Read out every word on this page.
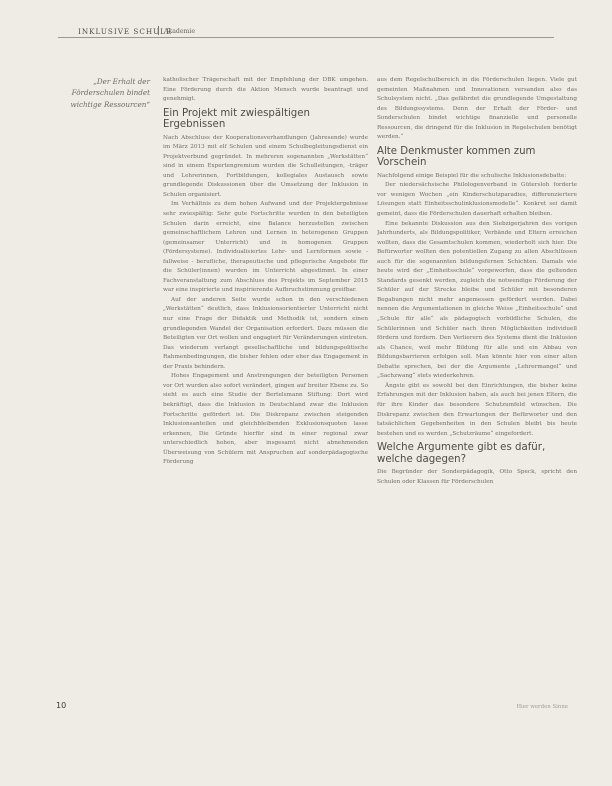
INKLUSIVE SCHULE
Akademie
„Der Erhalt der Förderschulen bindet wichtige Ressourcen“

katholischer Trägerschaft mit der Empfehlung der DBK umgehen. Eine Förderung durch die Aktion Mensch wurde beantragt und genehmigt.

Ein Projekt mit zwiespältigen Ergebnissen

Nach Abschluss der Kooperationsverhandlungen (Jahresende) wurde im März 2013 mit elf Schulen und einem Schulbegleitungsdienst ein Projektverbund gegründet. In mehreren sogenannten „Werkstätten“ sind in einem Expertengremium wurden die Schulleitungen, -träger und Lehrerinnen, Fortbildungen, kollegiales Austausch sowie grundlegende Diskussionen über die Umsetzung der Inklusion in Schulen organisiert.

Im Verhältnis zu dem hohen Aufwand und der Projektergebnisse sehr zwiespältig: Sehr gute Fortschritte wurden in den beteiligten Schulen darin erreicht, eine Balance herzustellen zwischen gemeinschaftlichem Lehren und Lernen in heterogenen Gruppen (gemeinsamer Unterricht) und in homogenen Gruppen (Fördersysteme). Individualisiertes Lehr- und Lernformen sowie - fallweise - berufliche, therapeutische und pflegerische Angebote für die Schüler(innen) wurden im Unterricht abgestimmt. In einer Fachveranstaltung zum Abschluss des Projekts im September 2015 war eine inspirierte und inspirierende Aufbruchstimmung greifbar.

Auf der anderen Seite wurde schon in den verschiedenen „Werkstätten“ deutlich, dass Inklusionsorientierter Unterricht nicht nur eine Frage der Didaktik und Methodik ist, sondern einen grundlegenden Wandel der Organisation erfordert. Dazu müssen die Beteiligten vor Ort wollen und engagiert für Veränderungen eintreten. Das wiederum verlangt gesellschaftliche und bildungspolitische Rahmenbedingungen, die bisher fehlen oder eher das Engagement in der Praxis behindern.

Hohes Engagement und Anstrengungen der beteiligten Personen vor Ort wurden also sofort verändert, gingen auf breiter Ebene zu. So sieht es auch eine Studie der Bertelsmann Stiftung: Dort wird bekräftigt, dass die Inklusion in Deutschland zwar die Inklusion Fortschritte gefördert ist. Die Diskrepanz zwischen steigenden Inklusionsanteilen und gleichbleibenden Exklusionsquoten lasse erkennen, Die Gründe hierfür sind in einer regional zwar unterschiedlich hohen, aber insgesamt nicht abnehmenden Überweisung von Schülern mit Anspruchen auf sonderpädagogische Förderung

aus dem Regelschulbereich in die Förderschulen liegen. Viele gut gemeinten Maßnahmen und Innovationen versanden also das Schulsystem nicht. „Das gefährdet die grundlegende Umgestaltung des Bildungssystems. Denn der Erhalt der Förder- und Sonderschulen bindet wichtige finanzielle und personelle Ressourcen, die dringend für die Inklusion in Regelschulen benötigt werden.“

Alte Denkmuster kommen zum Vorschein

Nachfolgend einige Beispiel für die schulische Inklusionsdebatte:

Der niedersächsische Philologenverband in Gütersloh forderte vor wenigen Wochen „ein Kinderschutzparadies, differenziertere Lösungen statt Einheitsschulinklusionsmodelle“. Konkret sei damit gemeint, dass die Förderschulen dauerhaft erhalten bleiben.

Eine bekannte Diskussion aus den Siebzigerjahren des vorigen Jahrhunderts, als Bildungspolitiker, Verbände und Eltern erreichen wollten, dass die Gesamtschulen kommen, wiederholt sich hier. Die Befürworter wollten den potentiellen Zugang zu allen Abschlüssen auch für die sogenannten bildungsfernen Schichten. Damals wie heute wird der „Einheitsschule“ vorgeworfen, dass die geltenden Standards gesenkt werden, zugleich die notwendige Förderung der Schüler auf der Strecke bleibe und Schüler mit besonderen Begabungen nicht mehr angemessen gefördert werden. Dabei nennen die Argumentationen in gleiche Weise „Einheitsschule“ und „Schule für alle“ als pädagogisch vorbildliche Schulen, die Schülerinnen und Schüler nach ihren Möglichkeiten individuell fördern und fordern. Den Verlierern des Systems dient die Inklusion als Chance, weil mehr Bildung für alle und ein Abbau von Bildungsbarrieren erfolgen soll. Man könnte hier von einer alten Debatte sprechen, bei der die Argumente „Lehrermangel“ und „Sachzwang“ stets wiederkehren.

Ängste gibt es sowohl bei den Einrichtungen, die bisher keine Erfahrungen mit der Inklusion haben, als auch bei jenen Eltern, die für ihre Kinder das besondere Schutzumfeld wünschen. Die Diskrepanz zwischen den Erwartungen der Befürworter und den tatsächlichen Gegebenheiten in den Schulen bleibt bis heute bestehen und es werden „Schutzräume“ eingefordert.

Welche Argumente gibt es dafür, welche dagegen?

Die Begründer der Sonderpädagogik, Otto Speck, spricht den Schulen oder Klassen für Förderschulen

10	Hier werden Sinne
